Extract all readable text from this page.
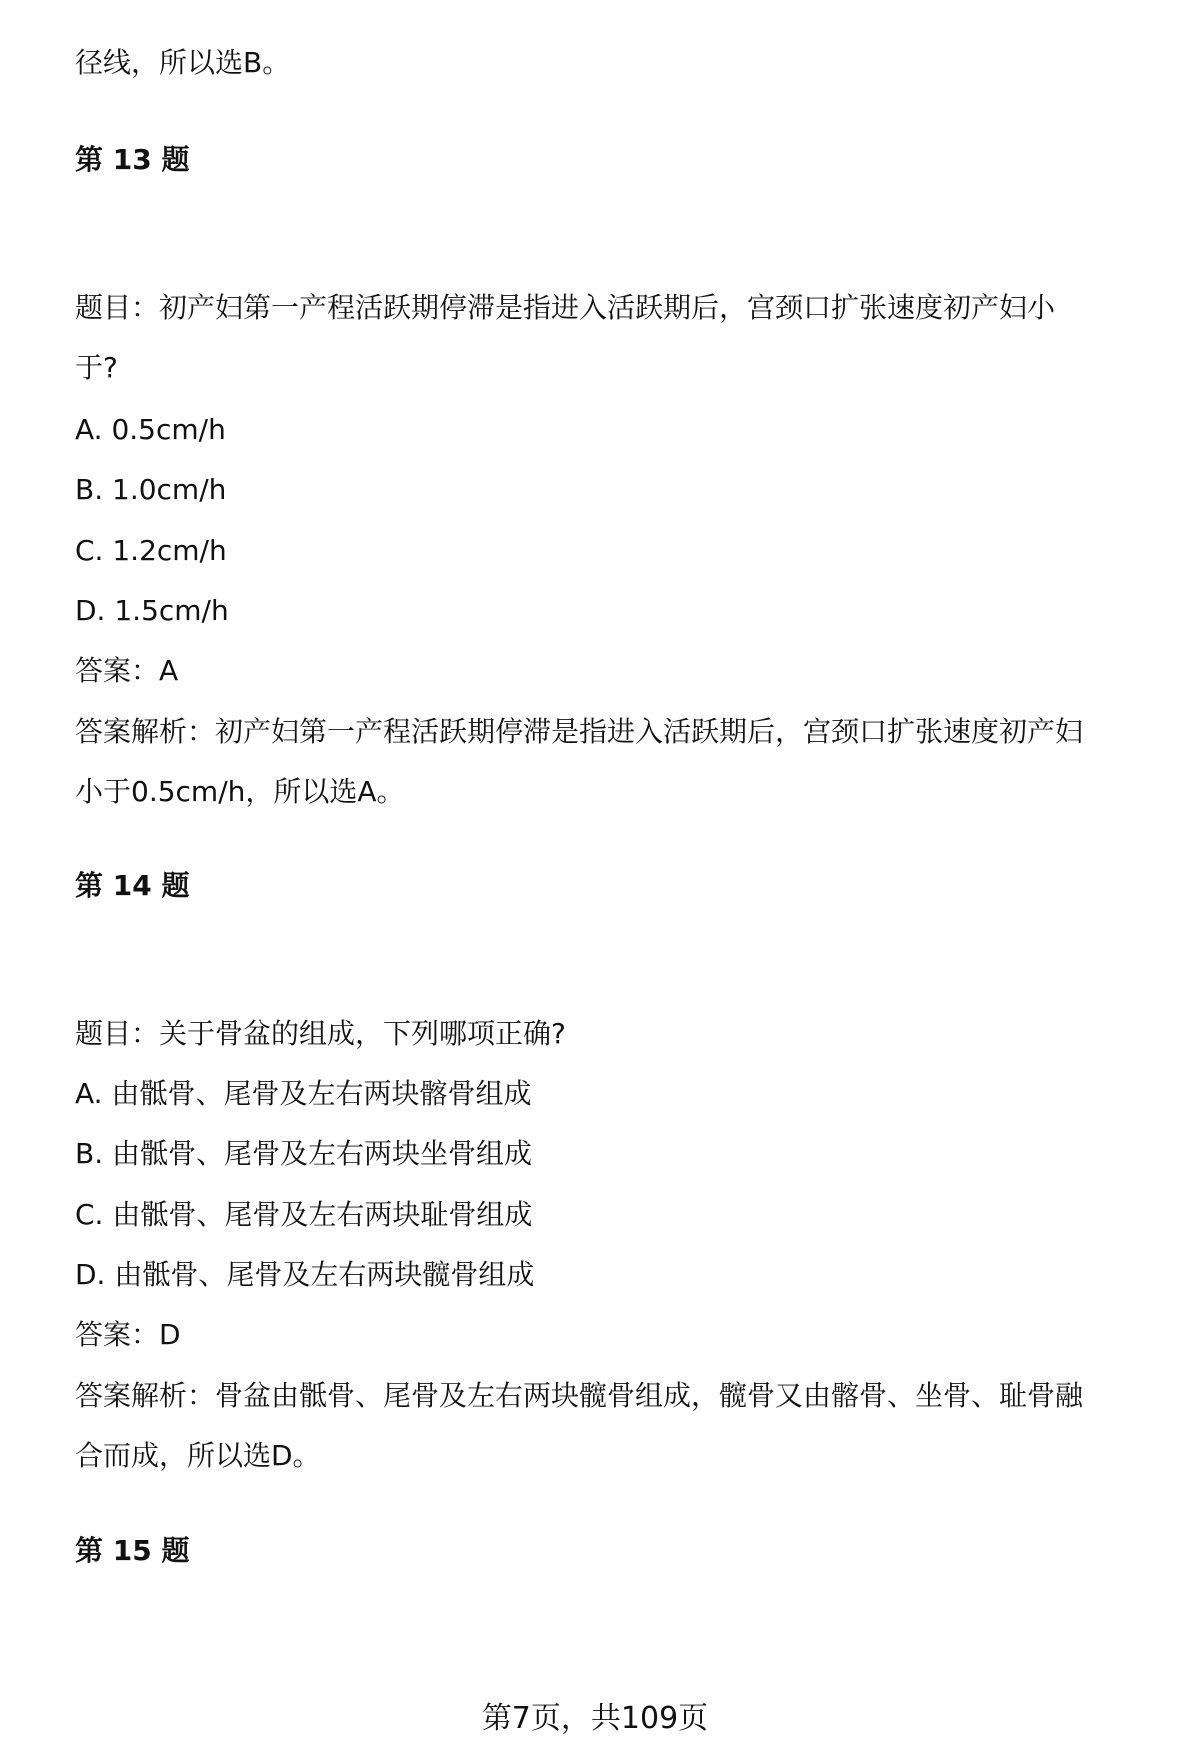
径线，所以选B。
第 13 题
题目：初产妇第一产程活跃期停滞是指进入活跃期后，宫颈口扩张速度初产妇小
于?
A. 0.5cm/h
B. 1.0cm/h
C. 1.2cm/h
D. 1.5cm/h
答案：A
答案解析：初产妇第一产程活跃期停滞是指进入活跃期后，宫颈口扩张速度初产妇
小于0.5cm/h，所以选A。
第 14 题
题目：关于骨盆的组成，下列哪项正确?
A. 由骶骨、尾骨及左右两块髂骨组成
B. 由骶骨、尾骨及左右两块坐骨组成
C. 由骶骨、尾骨及左右两块耻骨组成
D. 由骶骨、尾骨及左右两块髋骨组成
答案：D
答案解析：骨盆由骶骨、尾骨及左右两块髋骨组成，髋骨又由髂骨、坐骨、耻骨融
合而成，所以选D。
第 15 题
第7页，共109页
